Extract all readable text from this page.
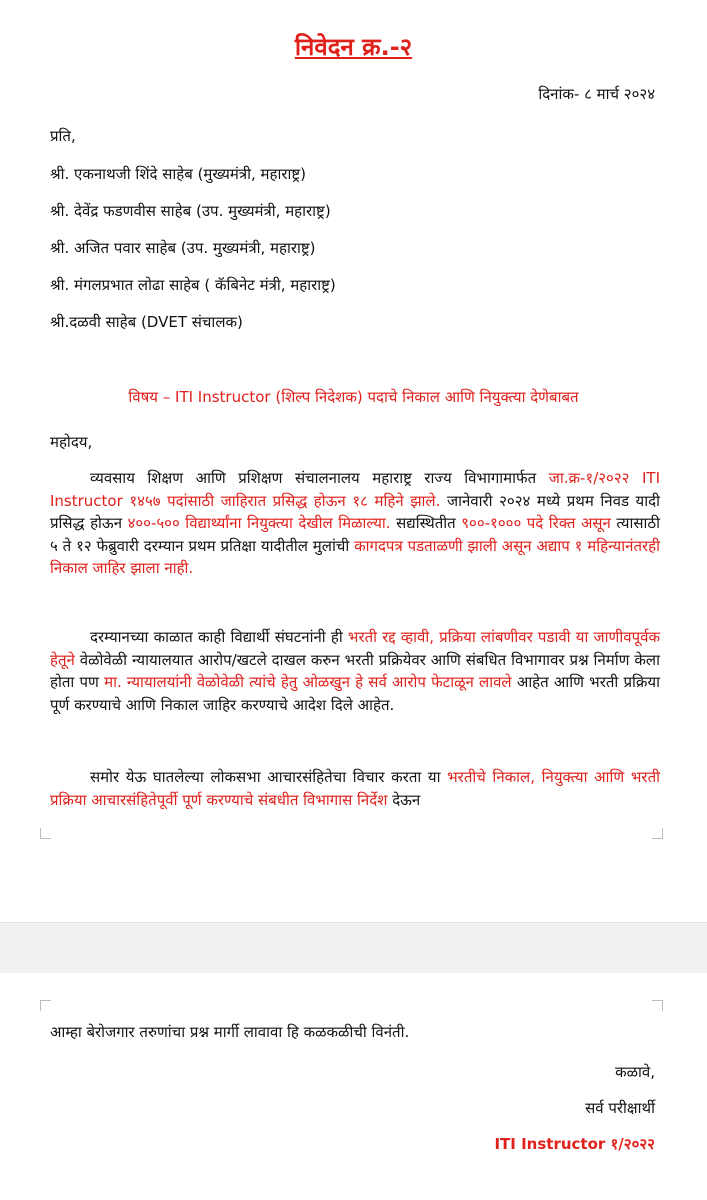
निवेदन क्र.-२
दिनांक- ८ मार्च २०२४
प्रति,
श्री. एकनाथजी शिंदे साहेब (मुख्यमंत्री, महाराष्ट्र)
श्री. देवेंद्र फडणवीस साहेब (उप. मुख्यमंत्री, महाराष्ट्र)
श्री. अजित पवार साहेब (उप. मुख्यमंत्री, महाराष्ट्र)
श्री. मंगलप्रभात लोढा साहेब ( कॅबिनेट मंत्री, महाराष्ट्र)
श्री.दळवी साहेब (DVET संचालक)
विषय – ITI Instructor (शिल्प निदेशक) पदाचे निकाल आणि नियुक्त्या देणेबाबत
महोदय,
व्यवसाय शिक्षण आणि प्रशिक्षण संचालनालय महाराष्ट्र राज्य विभागामार्फत जा.क्र-१/२०२२ ITI Instructor १४५७ पदांसाठी जाहिरात प्रसिद्ध होऊन १८ महिने झाले. जानेवारी २०२४ मध्ये प्रथम निवड यादी प्रसिद्ध होऊन ४००-५०० विद्यार्थ्यांना नियुक्त्या देखील मिळाल्या. सद्यस्थितीत ९००-१००० पदे रिक्त असून त्यासाठी ५ ते १२ फेब्रुवारी दरम्यान प्रथम प्रतिक्षा यादीतील मुलांची कागदपत्र पडताळणी झाली असून अद्याप १ महिन्यानंतरही निकाल जाहिर झाला नाही.
दरम्यानच्या काळात काही विद्यार्थी संघटनांनी ही भरती रद्द व्हावी, प्रक्रिया लांबणीवर पडावी या जाणीवपूर्वक हेतूने वेळोवेळी न्यायालयात आरोप/खटले दाखल करुन भरती प्रक्रियेवर आणि संबधित विभागावर प्रश्न निर्माण केला होता पण मा. न्यायालयांनी वेळोवेळी त्यांचे हेतु ओळखुन हे सर्व आरोप फेटाळून लावले आहेत आणि भरती प्रक्रिया पूर्ण करण्याचे आणि निकाल जाहिर करण्याचे आदेश दिले आहेत.
समोर येऊ घातलेल्या लोकसभा आचारसंहितेचा विचार करता या भरतीचे निकाल, नियुक्त्या आणि भरती प्रक्रिया आचारसंहितेपूर्वी पूर्ण करण्याचे संबधीत विभागास निर्देश देऊन
आम्हा बेरोजगार तरुणांचा प्रश्न मार्गी लावावा हि कळकळीची विनंती.
कळावे,
सर्व परीक्षार्थी
ITI Instructor १/२०२२
